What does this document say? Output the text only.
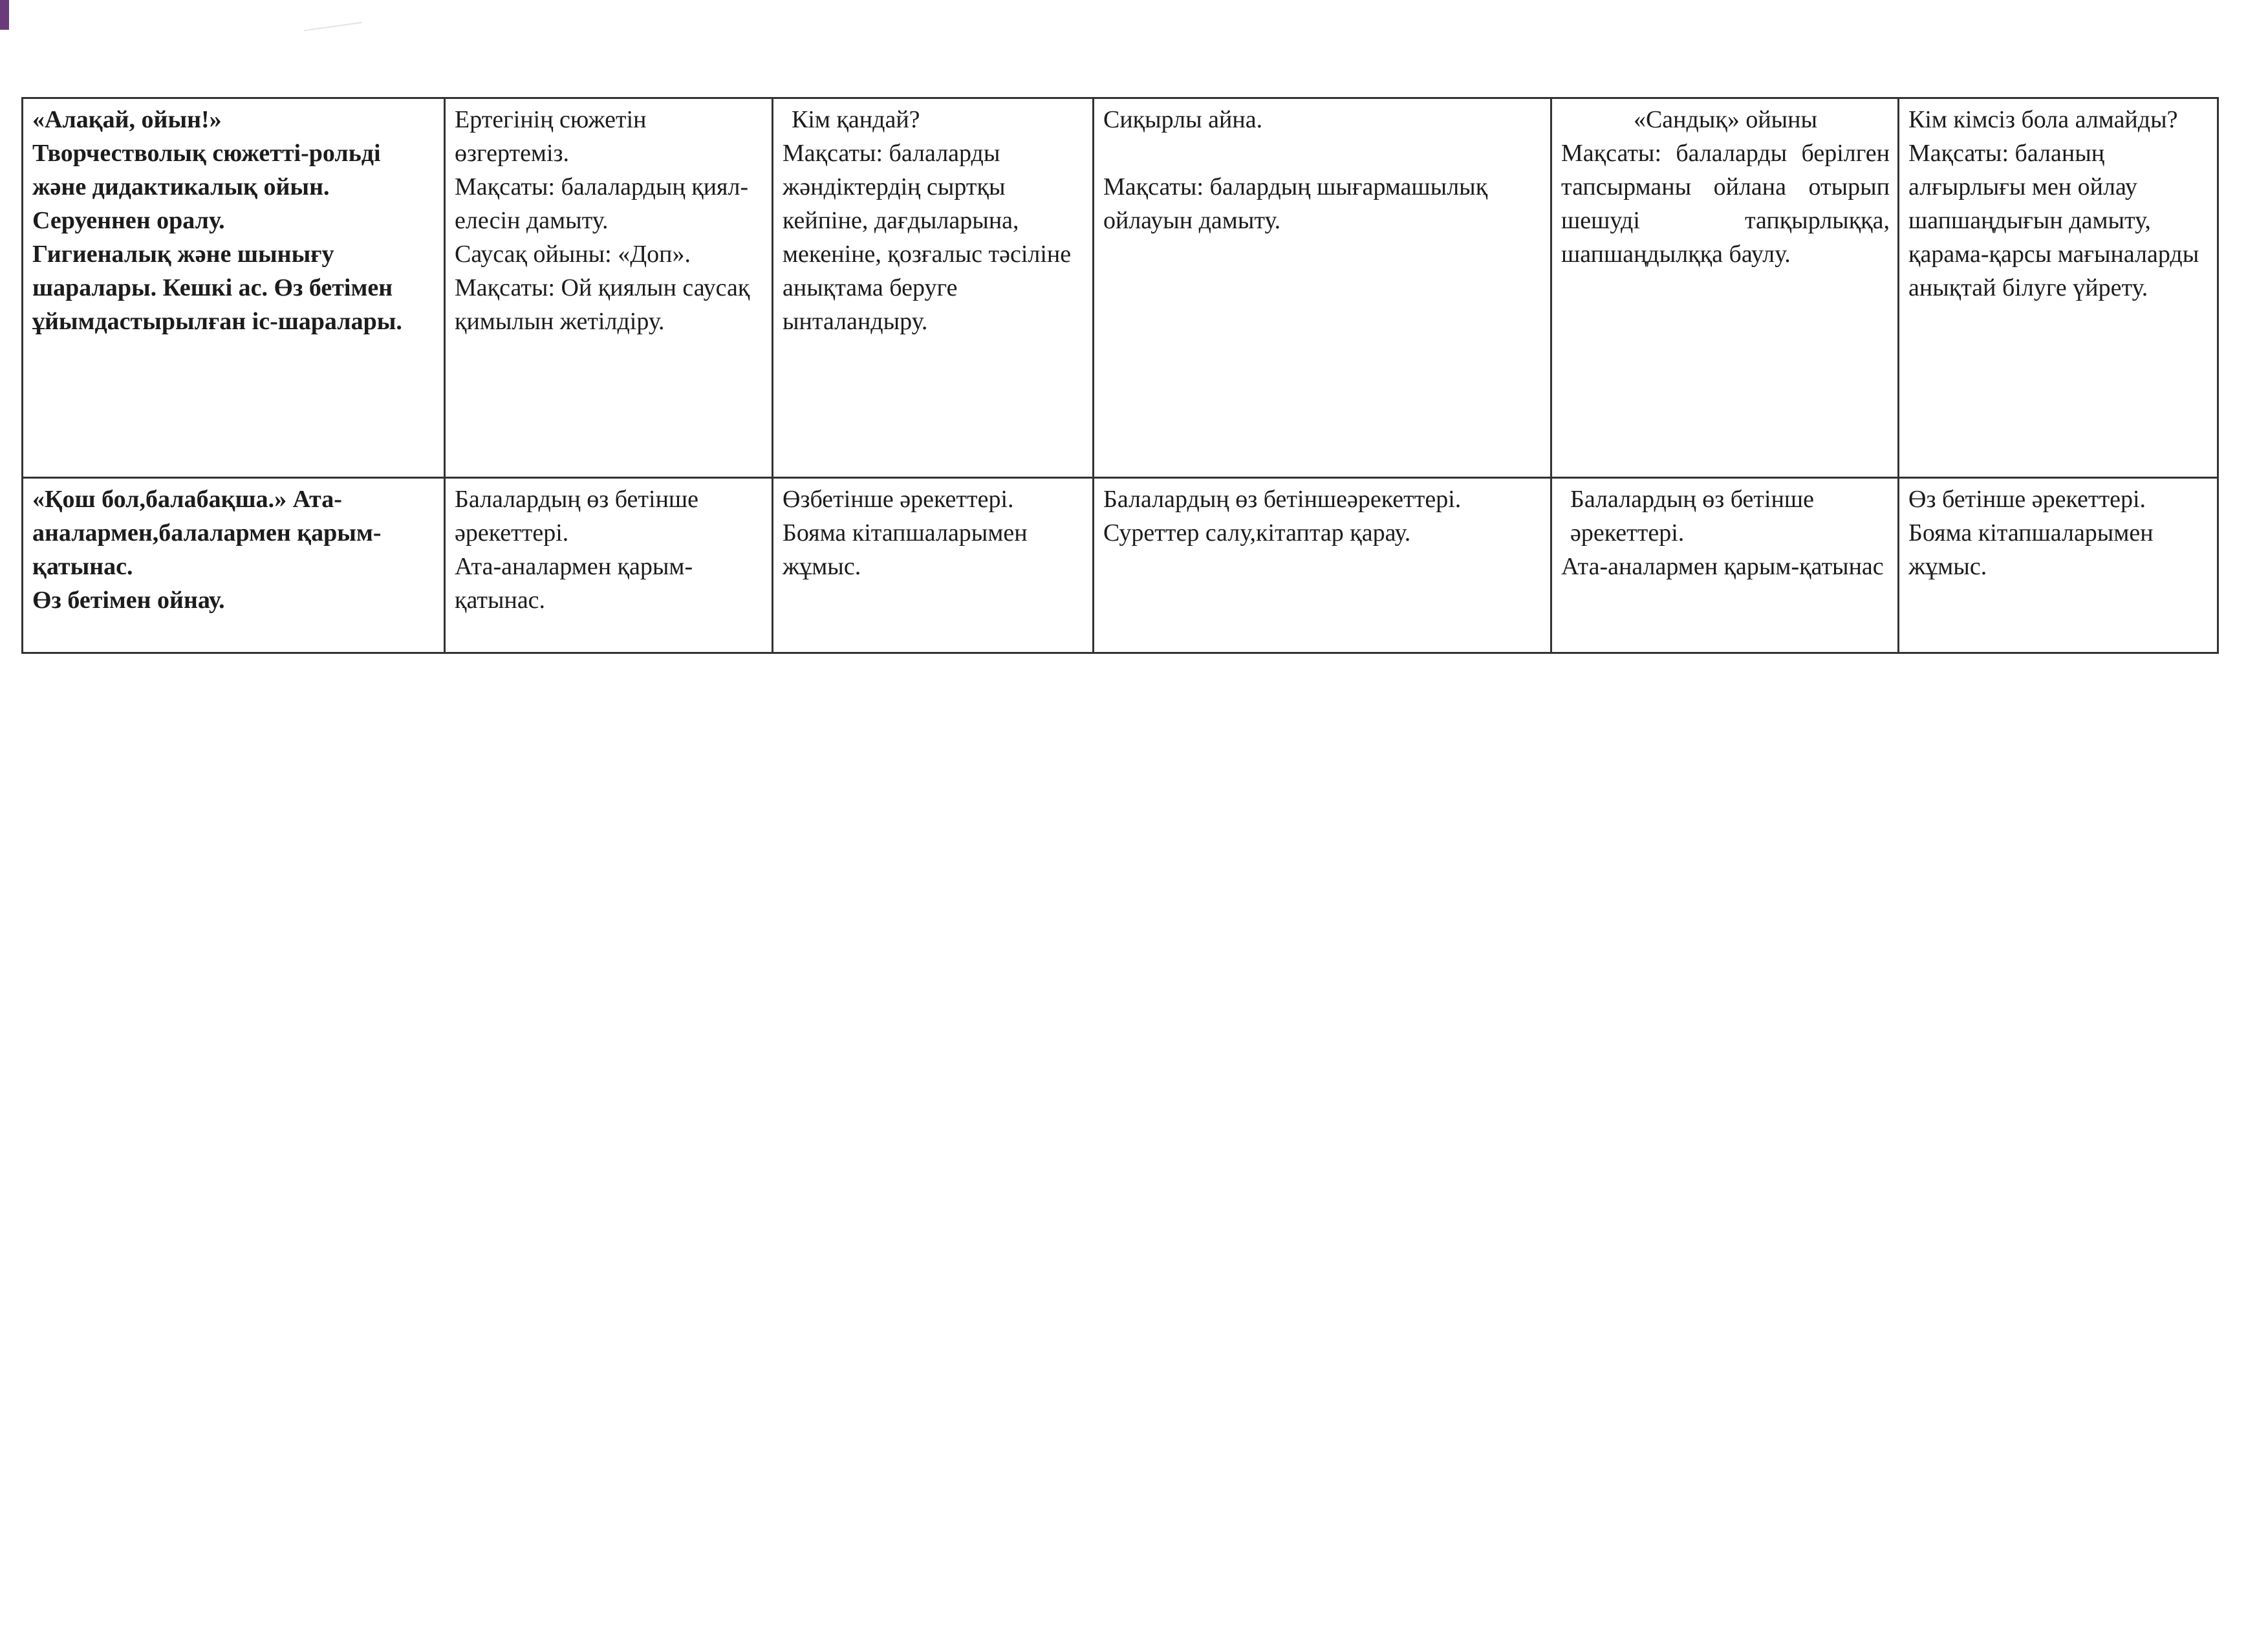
«Алақай, ойын!»
Творчестволық сюжетті-рольді және дидактикалық ойын.
Серуеннен оралу.
Гигиеналық және шынығу шаралары. Кешкі ас. Өз бетімен ұйымдастырылған іс-шаралары.	Ертегінің сюжетін өзгертеміз.
Мақсаты: балалардың қиял-елесін дамыту.
Саусақ ойыны: «Доп».
Мақсаты: Ой қиялын саусақ қимылын жетілдіру.	Кім қандай?
Мақсаты: балаларды жәндіктердің сыртқы кейпіне, дағдыларына, мекеніне, қозғалыс тәсіліне анықтама беруге ынталандыру.	Сиқырлы айна.
Мақсаты: балардың шығармашылық ойлауын дамыту.	«Сандық» ойыны
Мақсаты: балаларды берілген тапсырманы ойлана отырып шешуді тапқырлыққа, шапшаңдылққа баулу.	Кім кімсіз бола алмайды?
Мақсаты: баланың алғырлығы мен ойлау шапшаңдығын дамыту, қарама-қарсы мағыналарды анықтай білуге үйрету.

«Қош бол,балабақша.» Ата-аналармен,балалармен қарым-қатынас.
Өз бетімен ойнау.	Балалардың өз бетінше әрекеттері.
Ата-аналармен қарым-қатынас.	Өзбетінше әрекеттері.
Бояма кітапшаларымен жұмыс.	Балалардың өз бетіншеәрекеттері.
Суреттер салу,кітаптар қарау.	Балалардың өз бетінше әрекеттері.
Ата-аналармен қарым-қатынас	Өз бетінше әрекеттері.
Бояма кітапшаларымен жұмыс.
